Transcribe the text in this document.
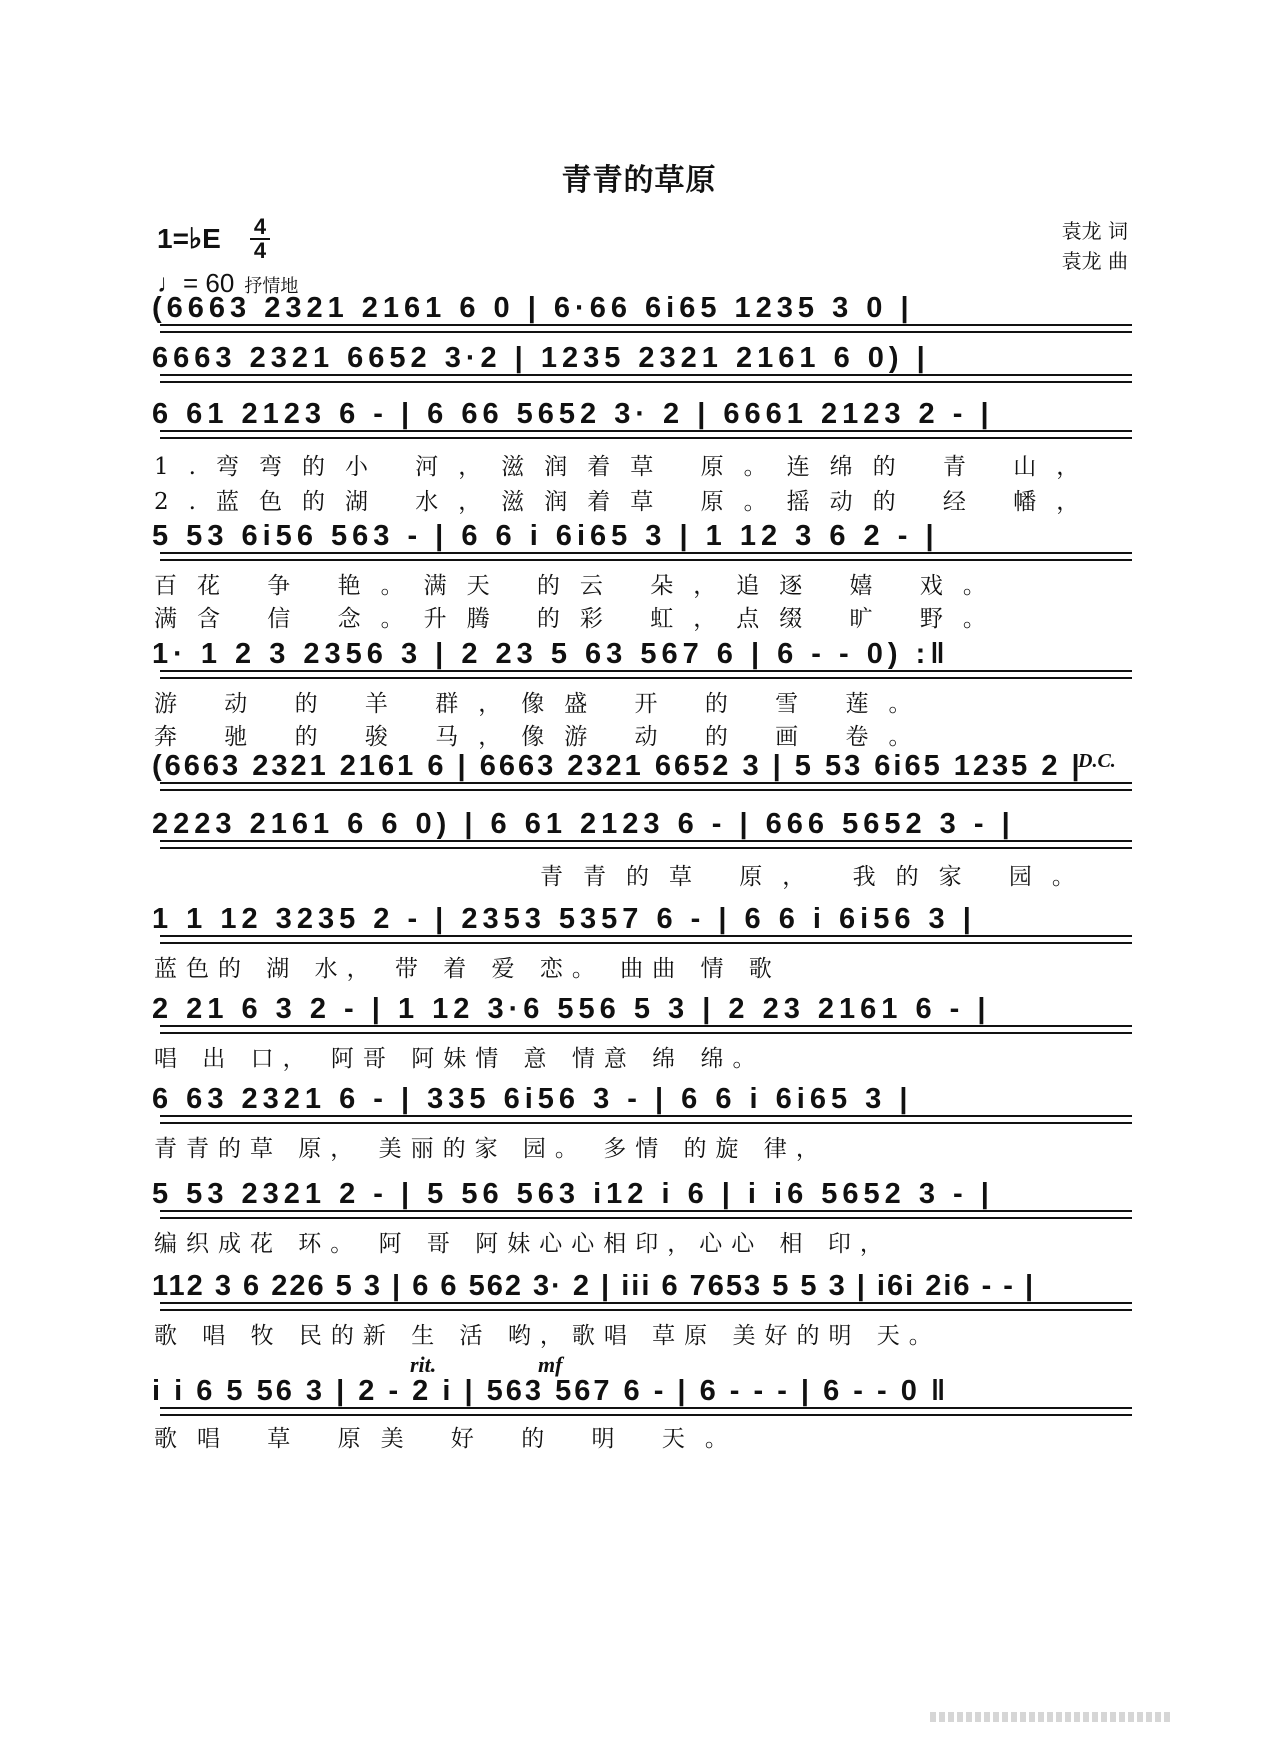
青青的草原
1=♭E 4
4
♩= 60 抒情地
袁龙 词
袁龙 曲
(6663 2321 2161 6 0 | 6·66 6i65 1235 3 0 |
6663 2321 6652 3·2 | 1235 2321 2161 6 0) |
6 61 2123 6 - | 6 66 5652 3· 2 | 6661 2123 2 - |
1.弯弯的小 河，滋润着草 原。连绵的 青 山，
2.蓝色的湖 水，滋润着草 原。摇动的 经 幡，
5 53 6i56 563 - | 6 6 i 6i65 3 | 1 12 3 6 2 - |
百花 争 艳。满天 的云 朵，追逐 嬉 戏。
满含 信 念。升腾 的彩 虹，点缀 旷 野。
1· 1 2 3 2356 3 | 2 23 5 63 567 6 | 6 - - 0) :‖
游 动 的 羊 群，像盛 开 的 雪 莲。
奔 驰 的 骏 马，像游 动 的 画 卷。
D.C.
(6663 2321 2161 6 | 6663 2321 6652 3 | 5 53 6i65 1235 2 |
2223 2161 6 6 0) | 6 61 2123 6 - | 666 5652 3 - |
青青的草 原， 我的家 园。
1 1 12 3235 2 - | 2353 5357 6 - | 6 6 i 6i56 3 |
蓝色的 湖 水， 带 着 爱 恋。 曲曲 情 歌
2 21 6 3 2 - | 1 12 3·6 556 5 3 | 2 23 2161 6 - |
唱 出 口， 阿哥 阿妹情 意 情意 绵 绵。
6 63 2321 6 - | 335 6i56 3 - | 6 6 i 6i65 3 |
青青的草 原， 美丽的家 园。 多情 的旋 律，
5 53 2321 2 - | 5 56 563 i12 i 6 | i i6 5652 3 - |
编织成花 环。 阿 哥 阿妹心心相印，心心 相 印，
112 3 6 226 5 3 | 6 6 562 3· 2 | iii 6 7653 5 5 3 | i6i 2i6 - - |
歌 唱 牧 民的新 生 活 哟，歌唱 草原 美好的明 天。
rit.	mf
i i 6 5 56 3 | 2 - 2 i | 563 567 6 - | 6 - - - | 6 - - 0 ‖
歌唱 草 原美 好 的 明 天。
